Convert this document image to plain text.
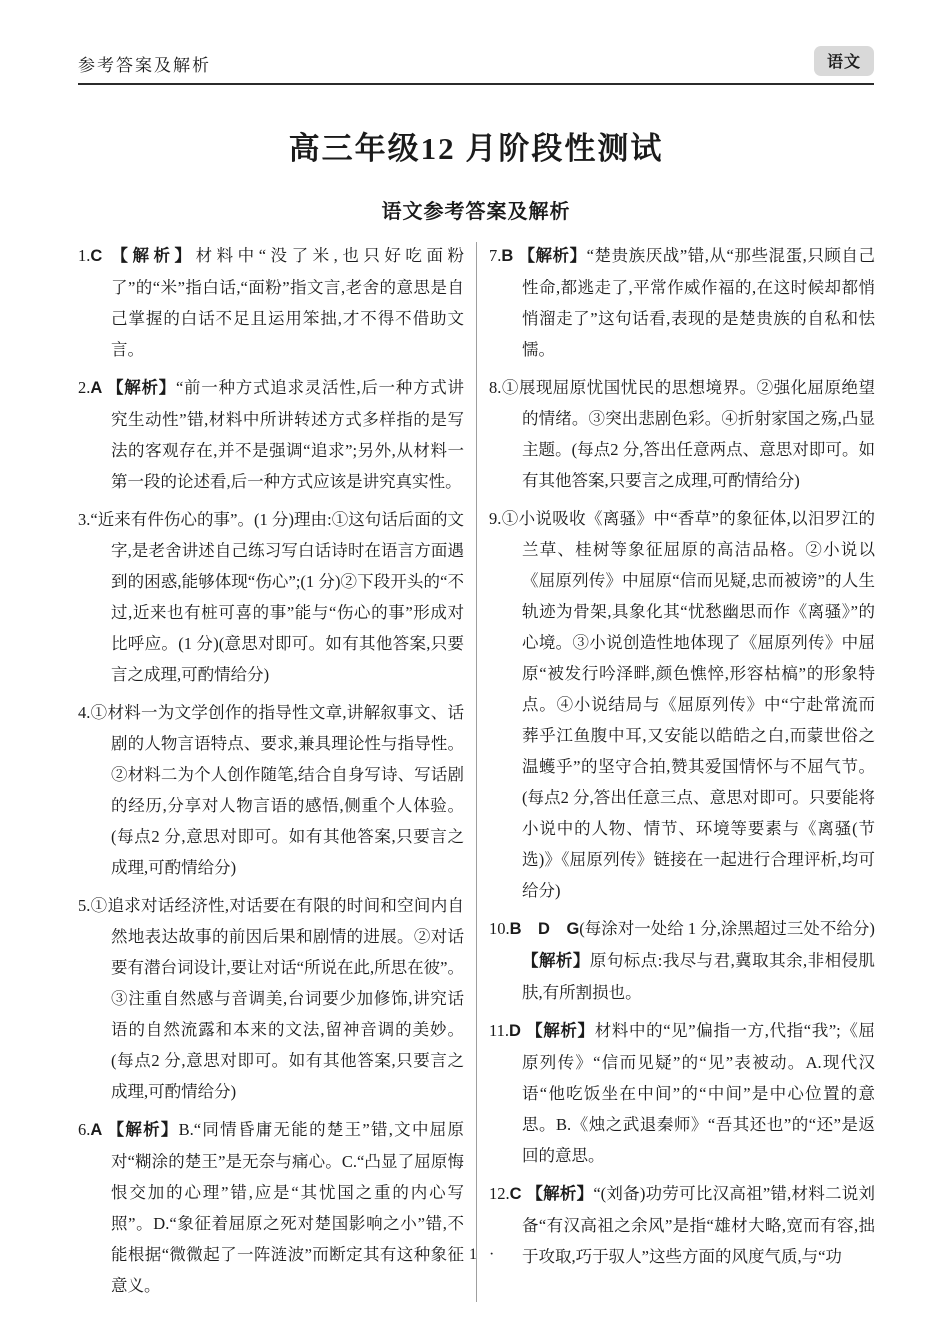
参考答案及解析	语文
高三年级12 月阶段性测试
语文参考答案及解析

1.C 【解析】材料中“没了米,也只好吃面粉了”的“米”指白话,“面粉”指文言,老舍的意思是自己掌握的白话不足且运用笨拙,才不得不借助文言。

2.A 【解析】“前一种方式追求灵活性,后一种方式讲究生动性”错,材料中所讲转述方式多样指的是写法的客观存在,并不是强调“追求”;另外,从材料一第一段的论述看,后一种方式应该是讲究真实性。

3.“近来有件伤心的事”。(1 分)理由:①这句话后面的文字,是老舍讲述自己练习写白话诗时在语言方面遇到的困惑,能够体现“伤心”;(1 分)②下段开头的“不过,近来也有桩可喜的事”能与“伤心的事”形成对比呼应。(1 分)(意思对即可。如有其他答案,只要言之成理,可酌情给分)

4.①材料一为文学创作的指导性文章,讲解叙事文、话剧的人物言语特点、要求,兼具理论性与指导性。②材料二为个人创作随笔,结合自身写诗、写话剧的经历,分享对人物言语的感悟,侧重个人体验。(每点2 分,意思对即可。如有其他答案,只要言之成理,可酌情给分)

5.①追求对话经济性,对话要在有限的时间和空间内自然地表达故事的前因后果和剧情的进展。②对话要有潜台词设计,要让对话“所说在此,所思在彼”。③注重自然感与音调美,台词要少加修饰,讲究话语的自然流露和本来的文法,留神音调的美妙。(每点2 分,意思对即可。如有其他答案,只要言之成理,可酌情给分)

6.A 【解析】B.“同情昏庸无能的楚王”错,文中屈原对“糊涂的楚王”是无奈与痛心。C.“凸显了屈原悔恨交加的心理”错,应是“其忧国之重的内心写照”。D.“象征着屈原之死对楚国影响之小”错,不能根据“微微起了一阵涟波”而断定其有这种象征意义。

7.B 【解析】“楚贵族厌战”错,从“那些混蛋,只顾自己性命,都逃走了,平常作威作福的,在这时候却都悄悄溜走了”这句话看,表现的是楚贵族的自私和怯懦。

8.①展现屈原忧国忧民的思想境界。②强化屈原绝望的情绪。③突出悲剧色彩。④折射家国之殇,凸显主题。(每点2 分,答出任意两点、意思对即可。如有其他答案,只要言之成理,可酌情给分)

9.①小说吸收《离骚》中“香草”的象征体,以汨罗江的兰草、桂树等象征屈原的高洁品格。②小说以《屈原列传》中屈原“信而见疑,忠而被谤”的人生轨迹为骨架,具象化其“忧愁幽思而作《离骚》”的心境。③小说创造性地体现了《屈原列传》中屈原“被发行吟泽畔,颜色憔悴,形容枯槁”的形象特点。④小说结局与《屈原列传》中“宁赴常流而葬乎江鱼腹中耳,又安能以皓皓之白,而蒙世俗之温蠖乎”的坚守合拍,赞其爱国情怀与不屈气节。(每点2 分,答出任意三点、意思对即可。只要能将小说中的人物、情节、环境等要素与《离骚(节选)》《屈原列传》链接在一起进行合理评析,均可给分)

10.B　D　G(每涂对一处给 1 分,涂黑超过三处不给分)

【解析】原句标点:我尽与君,冀取其余,非相侵肌肤,有所割损也。

11.D 【解析】材料中的“见”偏指一方,代指“我”;《屈原列传》“信而见疑”的“见”表被动。A.现代汉语“他吃饭坐在中间”的“中间”是中心位置的意思。B.《烛之武退秦师》“吾其还也”的“还”是返回的意思。

12.C 【解析】“(刘备)功劳可比汉高祖”错,材料二说刘备“有汉高祖之余风”是指“雄材大略,宽而有容,拙于攻取,巧于驭人”这些方面的风度气质,与“功

· 1 ·
